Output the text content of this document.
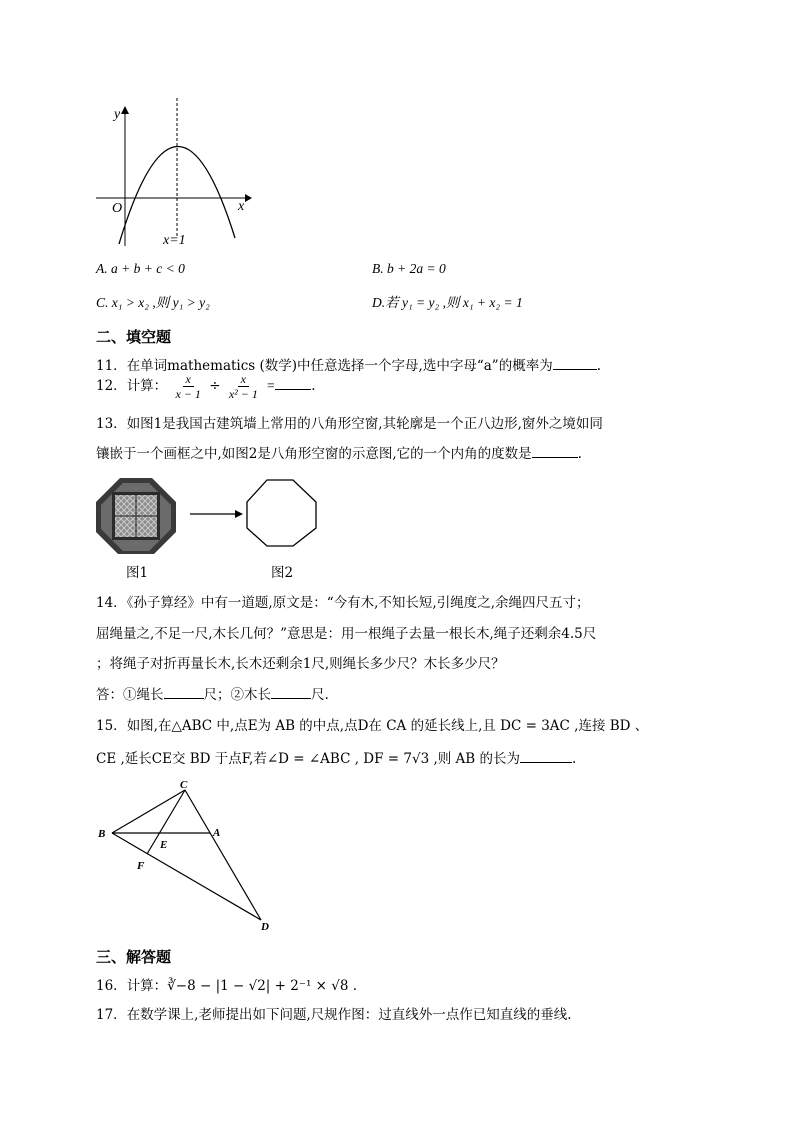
y
x
O
x=1
A. a + b + c < 0	B. b + 2a = 0
C. x₁ > x₂ ,则 y₁ > y₂	D.若 y₁ = y₂ ,则 x₁ + x₂ = 1
二、填空题
11．在单词mathematics (数学)中任意选择一个字母,选中字母“a”的概率为	.
12．计算： $\frac{x}{x - 1} \div \frac{x}{\text{x² − 1}}$ =	.
13．如图1是我国古建筑墙上常用的八角形空窗,其轮廓是一个正八边形,窗外之境如同
镶嵌于一个画框之中,如图2是八角形空窗的示意图,它的一个内角的度数是	.
图1	图2
14．《孙子算经》中有一道题,原文是：“今有木,不知长短,引绳度之,余绳四尺五寸；
屈绳量之,不足一尺,木长几何？”意思是：用一根绳子去量一根长木,绳子还剩余4.5尺
；将绳子对折再量长木,长木还剩余1尺,则绳长多少尺？木长多少尺？
答：①绳长	尺；②木长	尺.
15．如图,在△ABC 中,点E为 AB 的中点,点D在 CA 的延长线上,且 DC = 3AC ,连接 BD 、
CE ,延长CE交 BD 于点F,若∠D = ∠ABC , DF = 7√3 ,则 AB 的长为	.
C
B	A
E
F
D
三、解答题
16．计算：∛−8 − |1 − √2| + 2⁻¹ × √8 .
17．在数学课上,老师提出如下问题,尺规作图：过直线外一点作已知直线的垂线.
